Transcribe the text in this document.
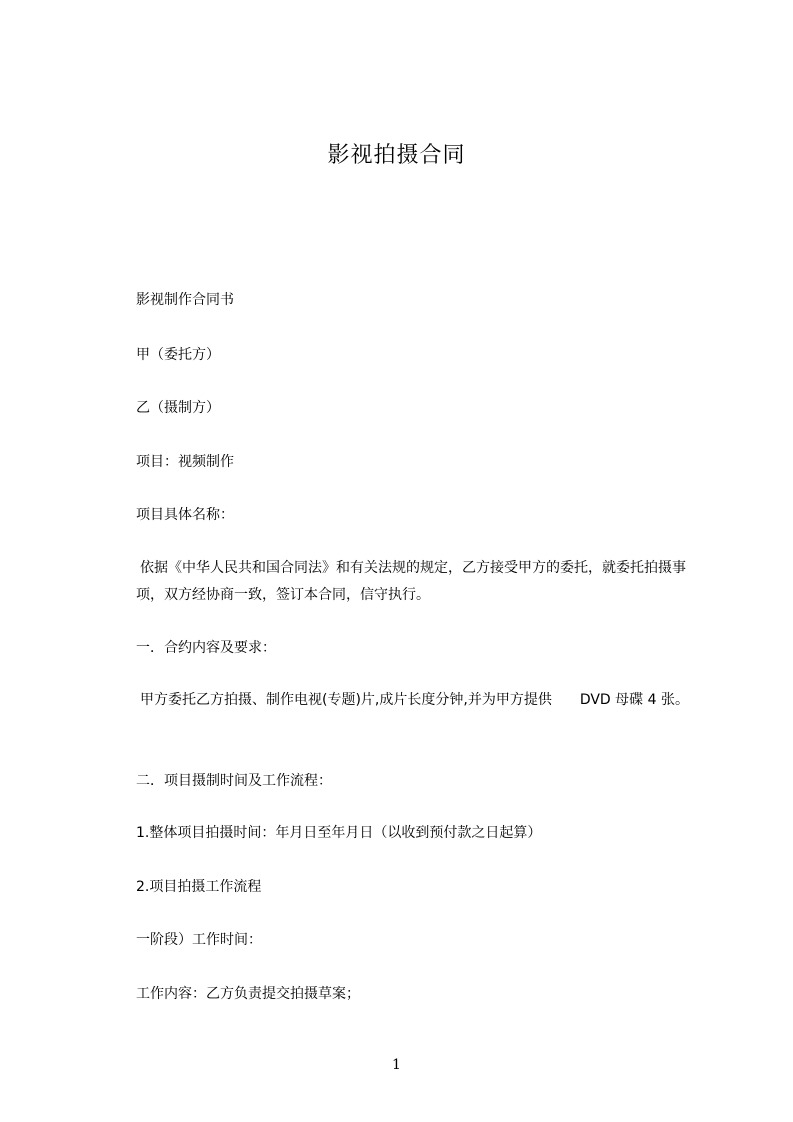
影视拍摄合同
影视制作合同书
甲（委托方）
乙（摄制方）
项目：视频制作
项目具体名称：
依据《中华人民共和国合同法》和有关法规的规定，乙方接受甲方的委托，就委托拍摄事项，双方经协商一致，签订本合同，信守执行。
一．合约内容及要求：
甲方委托乙方拍摄、制作电视(专题)片,成片长度分钟,并为甲方提供　　DVD 母碟 4 张。
二．项目摄制时间及工作流程：
1.整体项目拍摄时间：年月日至年月日（以收到预付款之日起算）
2.项目拍摄工作流程
一阶段）工作时间：
工作内容：乙方负责提交拍摄草案；
1
